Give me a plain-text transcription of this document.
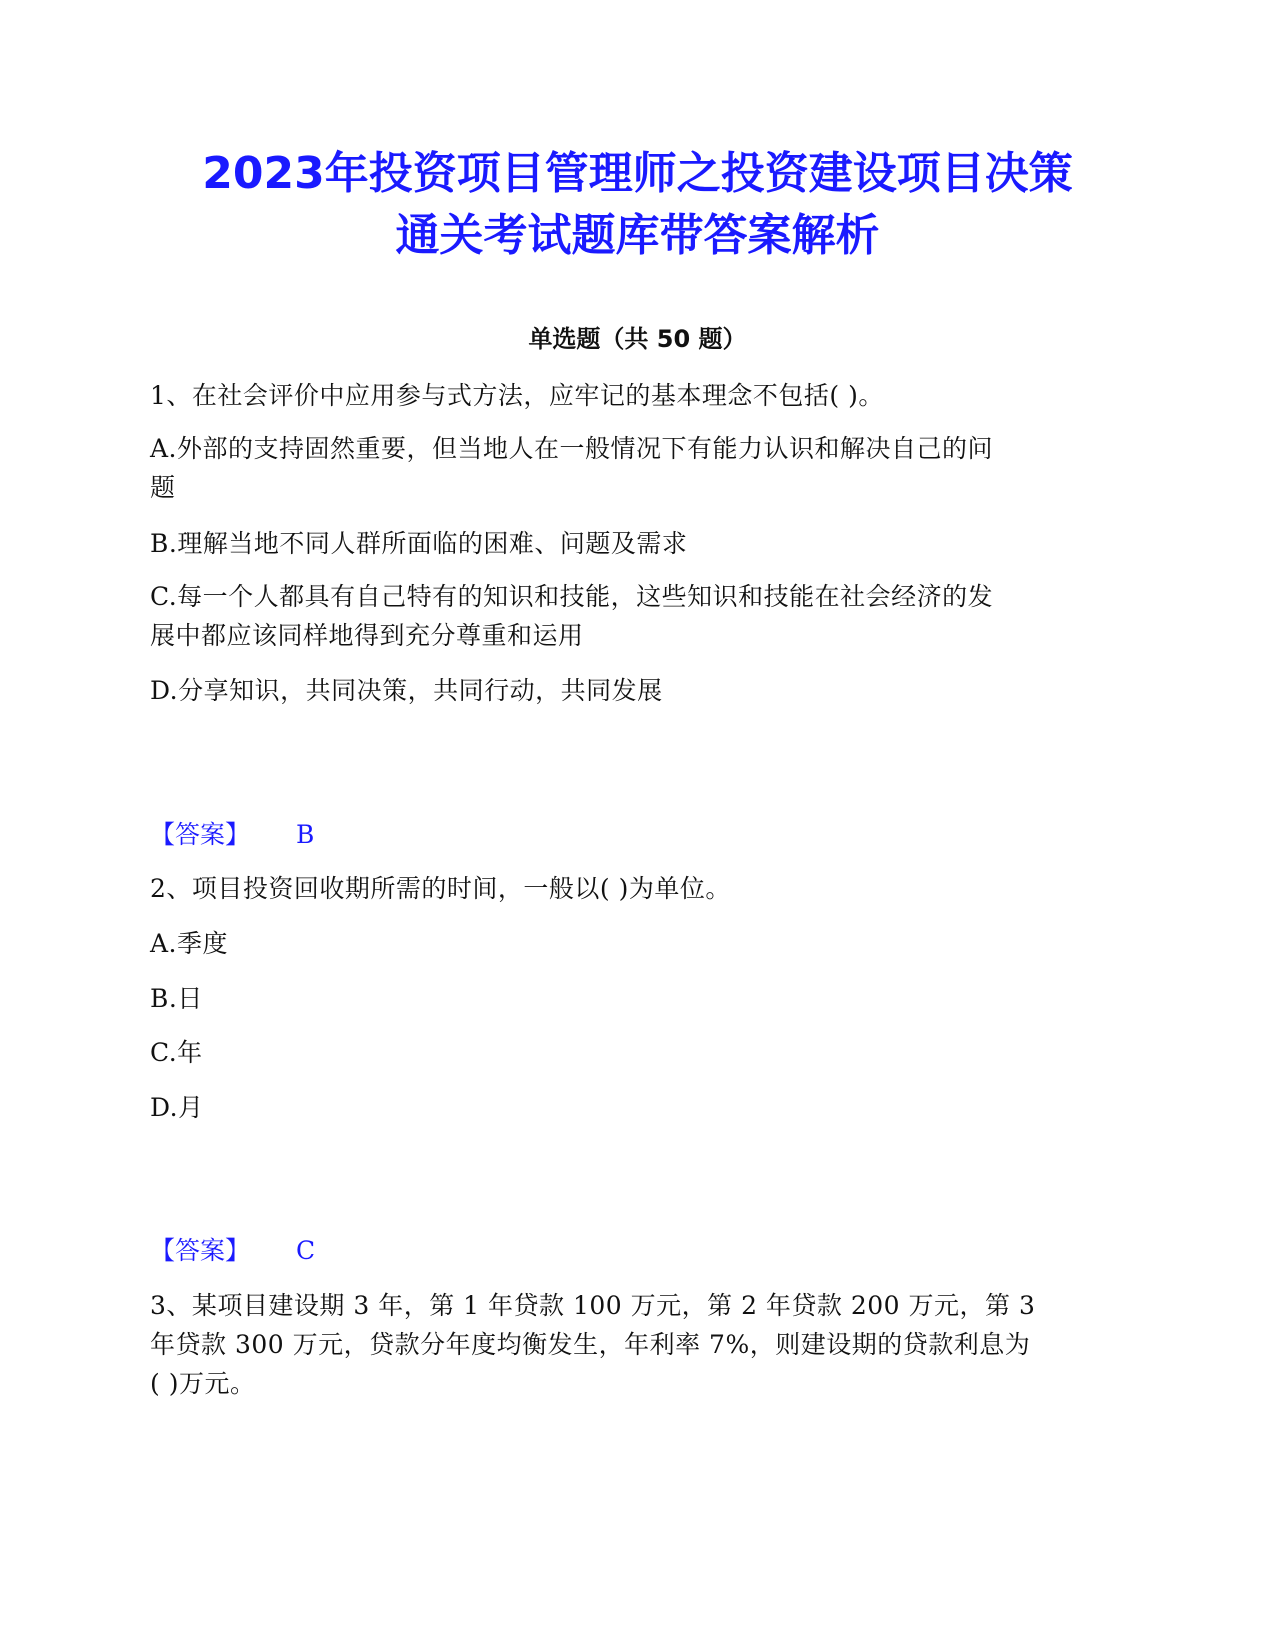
2023年投资项目管理师之投资建设项目决策
通关考试题库带答案解析
单选题（共 50 题）

1、在社会评价中应用参与式方法，应牢记的基本理念不包括( )。

A.外部的支持固然重要，但当地人在一般情况下有能力认识和解决自己的问

题

B.理解当地不同人群所面临的困难、问题及需求

C.每一个人都具有自己特有的知识和技能，这些知识和技能在社会经济的发

展中都应该同样地得到充分尊重和运用

D.分享知识，共同决策，共同行动，共同发展

【答案】 B

2、项目投资回收期所需的时间，一般以( )为单位。

A.季度

B.日

C.年

D.月

【答案】 C

3、某项目建设期 3 年，第 1 年贷款 100 万元，第 2 年贷款 200 万元，第 3

年贷款 300 万元，贷款分年度均衡发生，年利率 7%，则建设期的贷款利息为

( )万元。
